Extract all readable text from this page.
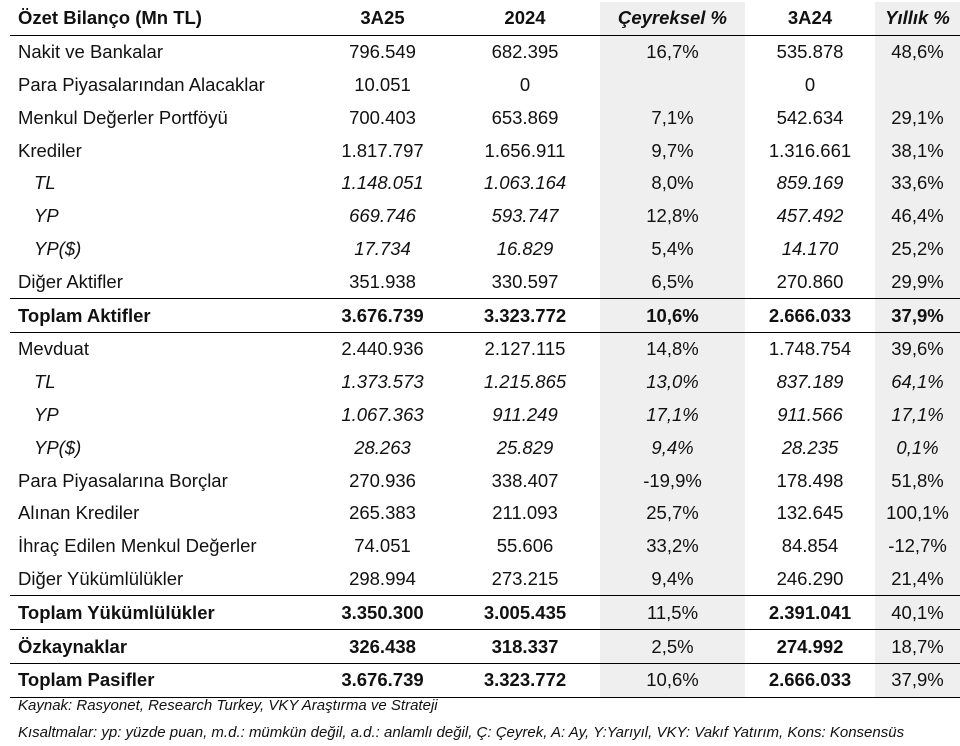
Özet Bilanço (Mn TL)	3A25	2024	Çeyreksel %	3A24	Yıllık %
Nakit ve Bankalar	796.549	682.395	16,7%	535.878	48,6%
Para Piyasalarından Alacaklar	10.051	0		0	
Menkul Değerler Portföyü	700.403	653.869	7,1%	542.634	29,1%
Krediler	1.817.797	1.656.911	9,7%	1.316.661	38,1%
TL	1.148.051	1.063.164	8,0%	859.169	33,6%
YP	669.746	593.747	12,8%	457.492	46,4%
YP($)	17.734	16.829	5,4%	14.170	25,2%
Diğer Aktifler	351.938	330.597	6,5%	270.860	29,9%
Toplam Aktifler	3.676.739	3.323.772	10,6%	2.666.033	37,9%
Mevduat	2.440.936	2.127.115	14,8%	1.748.754	39,6%
TL	1.373.573	1.215.865	13,0%	837.189	64,1%
YP	1.067.363	911.249	17,1%	911.566	17,1%
YP($)	28.263	25.829	9,4%	28.235	0,1%
Para Piyasalarına Borçlar	270.936	338.407	-19,9%	178.498	51,8%
Alınan Krediler	265.383	211.093	25,7%	132.645	100,1%
İhraç Edilen Menkul Değerler	74.051	55.606	33,2%	84.854	-12,7%
Diğer Yükümlülükler	298.994	273.215	9,4%	246.290	21,4%
Toplam Yükümlülükler	3.350.300	3.005.435	11,5%	2.391.041	40,1%
Özkaynaklar	326.438	318.337	2,5%	274.992	18,7%
Toplam Pasifler	3.676.739	3.323.772	10,6%	2.666.033	37,9%
Kaynak: Rasyonet, Research Turkey, VKY Araştırma ve Strateji
Kısaltmalar: yp: yüzde puan, m.d.: mümkün değil, a.d.: anlamlı değil, Ç: Çeyrek, A: Ay, Y:Yarıyıl, VKY: Vakıf Yatırım, Kons: Konsensüs
